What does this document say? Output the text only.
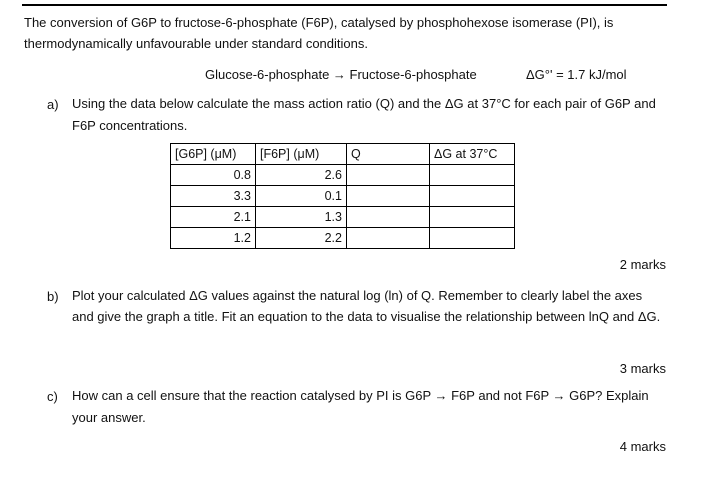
The conversion of G6P to fructose-6-phosphate (F6P), catalysed by phosphohexose isomerase (PI), is thermodynamically unfavourable under standard conditions.
Glucose-6-phosphate → Fructose-6-phosphate	ΔG°' = 1.7 kJ/mol
a) Using the data below calculate the mass action ratio (Q) and the ΔG at 37°C for each pair of G6P and F6P concentrations.
[G6P] (μM)	[F6P] (μM)	Q	ΔG at 37°C
0.8	2.6		
3.3	0.1		
2.1	1.3		
1.2	2.2		
2 marks
b) Plot your calculated ΔG values against the natural log (ln) of Q. Remember to clearly label the axes and give the graph a title. Fit an equation to the data to visualise the relationship between lnQ and ΔG.
3 marks
c) How can a cell ensure that the reaction catalysed by PI is G6P → F6P and not F6P → G6P? Explain your answer.
4 marks
